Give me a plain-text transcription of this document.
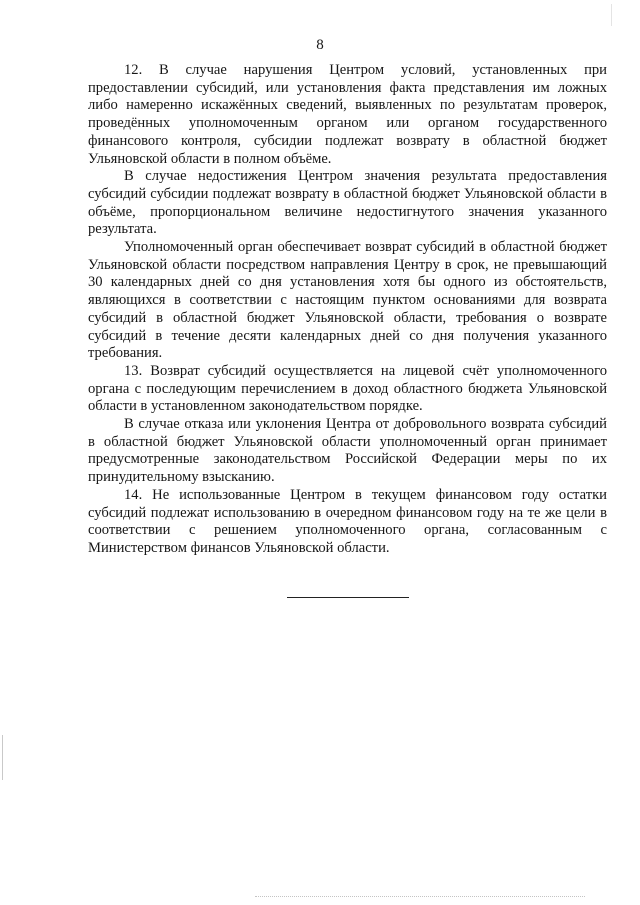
8

12. В случае нарушения Центром условий, установленных при предоставлении субсидий, или установления факта представления им ложных либо намеренно искажённых сведений, выявленных по результатам проверок, проведённых уполномоченным органом или органом государственного финансового контроля, субсидии подлежат возврату в областной бюджет Ульяновской области в полном объёме.

В случае недостижения Центром значения результата предоставления субсидий субсидии подлежат возврату в областной бюджет Ульяновской области в объёме, пропорциональном величине недостигнутого значения указанного результата.

Уполномоченный орган обеспечивает возврат субсидий в областной бюджет Ульяновской области посредством направления Центру в срок, не превышающий 30 календарных дней со дня установления хотя бы одного из обстоятельств, являющихся в соответствии с настоящим пунктом основаниями для возврата субсидий в областной бюджет Ульяновской области, требования о возврате субсидий в течение десяти календарных дней со дня получения указанного требования.

13. Возврат субсидий осуществляется на лицевой счёт уполномоченного органа с последующим перечислением в доход областного бюджета Ульяновской области в установленном законодательством порядке.

В случае отказа или уклонения Центра от добровольного возврата субсидий в областной бюджет Ульяновской области уполномоченный орган принимает предусмотренные законодательством Российской Федерации меры по их принудительному взысканию.

14. Не использованные Центром в текущем финансовом году остатки субсидий подлежат использованию в очередном финансовом году на те же цели в соответствии с решением уполномоченного органа, согласованным с Министерством финансов Ульяновской области.
